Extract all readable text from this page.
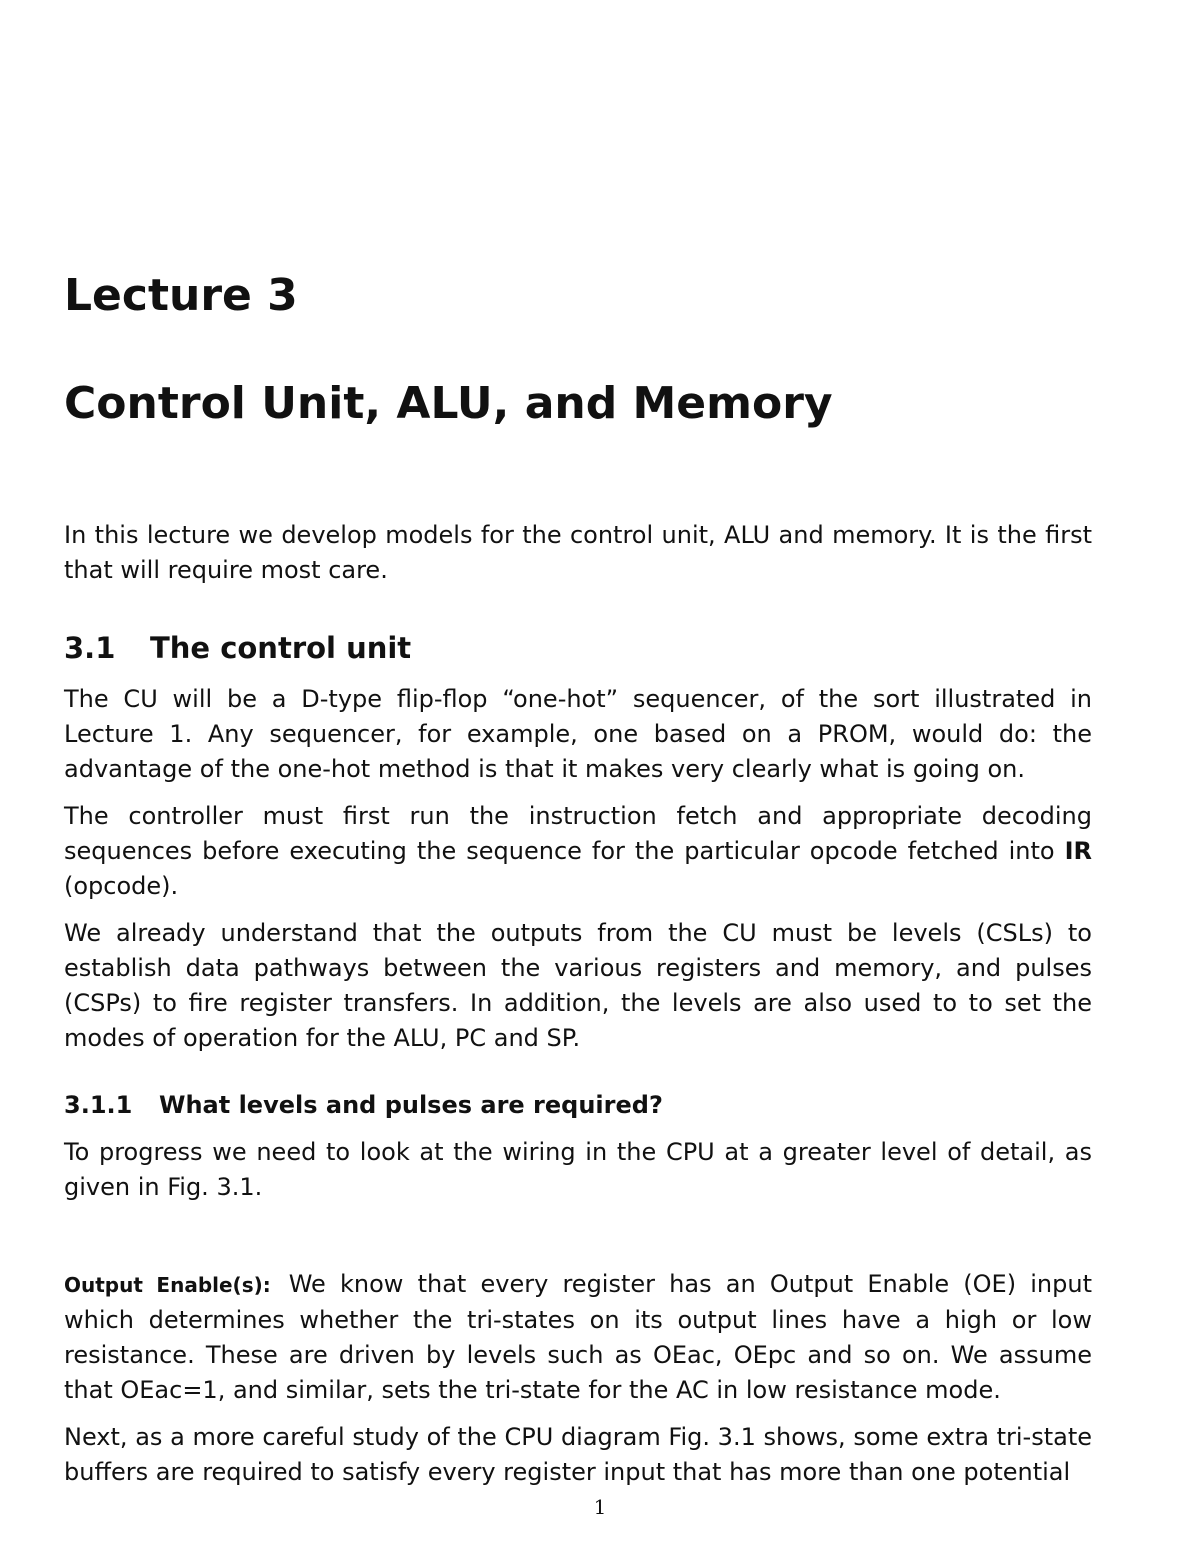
Lecture 3
Control Unit, ALU, and Memory

In this lecture we develop models for the control unit, ALU and memory. It is the first that will require most care.

3.1 The control unit

The CU will be a D-type flip-flop “one-hot” sequencer, of the sort illustrated in Lecture 1. Any sequencer, for example, one based on a PROM, would do: the advantage of the one-hot method is that it makes very clearly what is going on.

The controller must first run the instruction fetch and appropriate decoding sequences before executing the sequence for the particular opcode fetched into IR (opcode).

We already understand that the outputs from the CU must be levels (CSLs) to establish data pathways between the various registers and memory, and pulses (CSPs) to fire register transfers. In addition, the levels are also used to to set the modes of operation for the ALU, PC and SP.

3.1.1 What levels and pulses are required?

To progress we need to look at the wiring in the CPU at a greater level of detail, as given in Fig. 3.1.

Output Enable(s): We know that every register has an Output Enable (OE) input which determines whether the tri-states on its output lines have a high or low resistance. These are driven by levels such as OEac, OEpc and so on. We assume that OEac=1, and similar, sets the tri-state for the AC in low resistance mode.

Next, as a more careful study of the CPU diagram Fig. 3.1 shows, some extra tri-state buffers are required to satisfy every register input that has more than one potential

1
